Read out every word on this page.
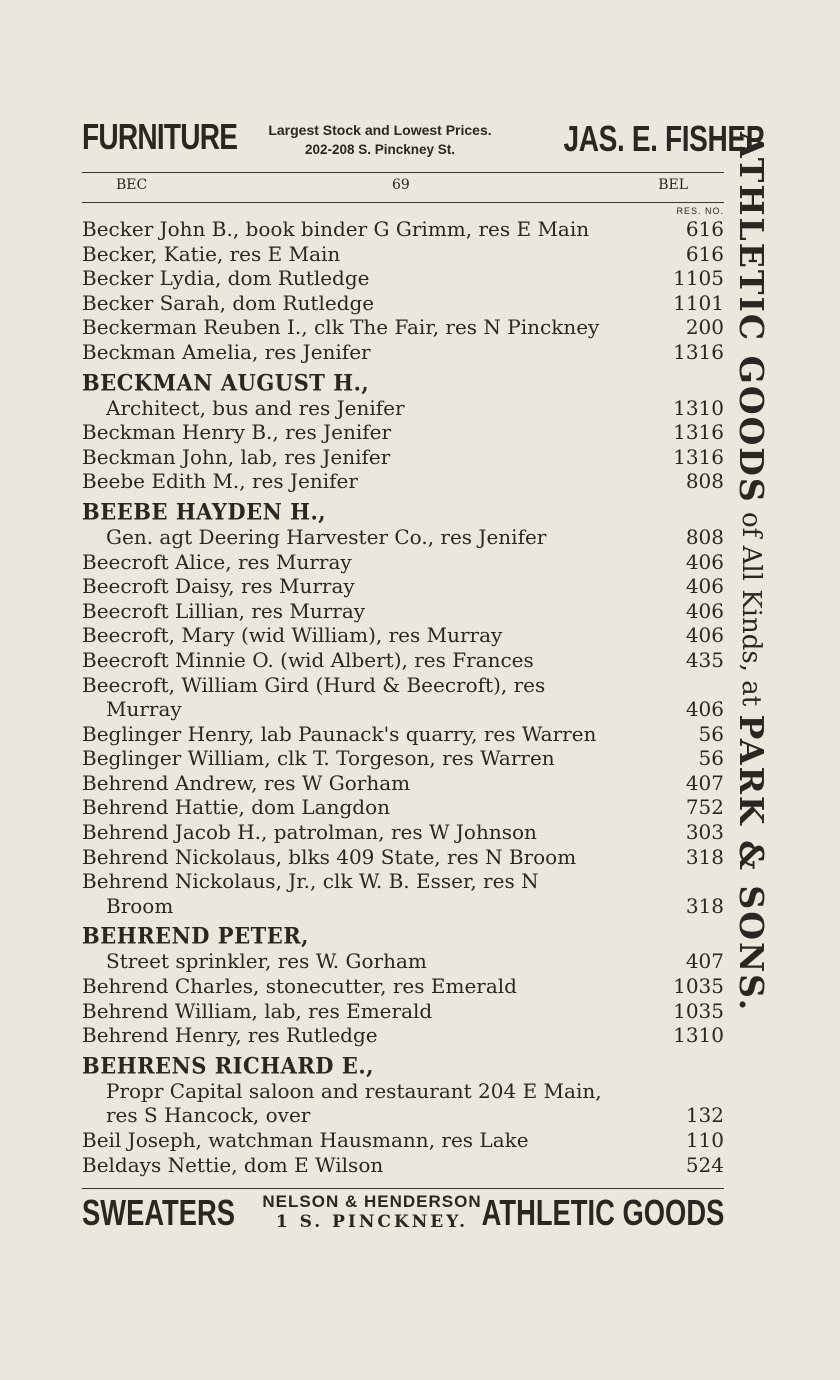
FURNITURE	Largest Stock and Lowest Prices.
202-208 S. Pinckney St.	JAS. E. FISHEP
BEC	69	BEL
RES. NO.
Becker John B., book binder G Grimm, res E Main	616
Becker, Katie, res E Main	616
Becker Lydia, dom Rutledge	1105
Becker Sarah, dom Rutledge	1101
Beckerman Reuben I., clk The Fair, res N Pinckney	200
Beckman Amelia, res Jenifer	1316
BECKMAN AUGUST H.,
Architect, bus and res Jenifer	1310
Beckman Henry B., res Jenifer	1316
Beckman John, lab, res Jenifer	1316
Beebe Edith M., res Jenifer	808
BEEBE HAYDEN H.,
Gen. agt Deering Harvester Co., res Jenifer	808
Beecroft Alice, res Murray	406
Beecroft Daisy, res Murray	406
Beecroft Lillian, res Murray	406
Beecroft, Mary (wid William), res Murray	406
Beecroft Minnie O. (wid Albert), res Frances	435
Beecroft, William Gird (Hurd & Beecroft), res
Murray	406
Beglinger Henry, lab Paunack's quarry, res Warren	56
Beglinger William, clk T. Torgeson, res Warren	56
Behrend Andrew, res W Gorham	407
Behrend Hattie, dom Langdon	752
Behrend Jacob H., patrolman, res W Johnson	303
Behrend Nickolaus, blks 409 State, res N Broom	318
Behrend Nickolaus, Jr., clk W. B. Esser, res N
Broom	318
BEHREND PETER,
Street sprinkler, res W. Gorham	407
Behrend Charles, stonecutter, res Emerald	1035
Behrend William, lab, res Emerald	1035
Behrend Henry, res Rutledge	1310
BEHRENS RICHARD E.,
Propr Capital saloon and restaurant 204 E Main,
res S Hancock, over	132
Beil Joseph, watchman Hausmann, res Lake	110
Beldays Nettie, dom E Wilson	524
SWEATERS	NELSON & HENDERSON
1 S. PINCKNEY. ATHLETIC GOODS
ATHLETIC GOODS of All Kinds, at PARK & SONS.
